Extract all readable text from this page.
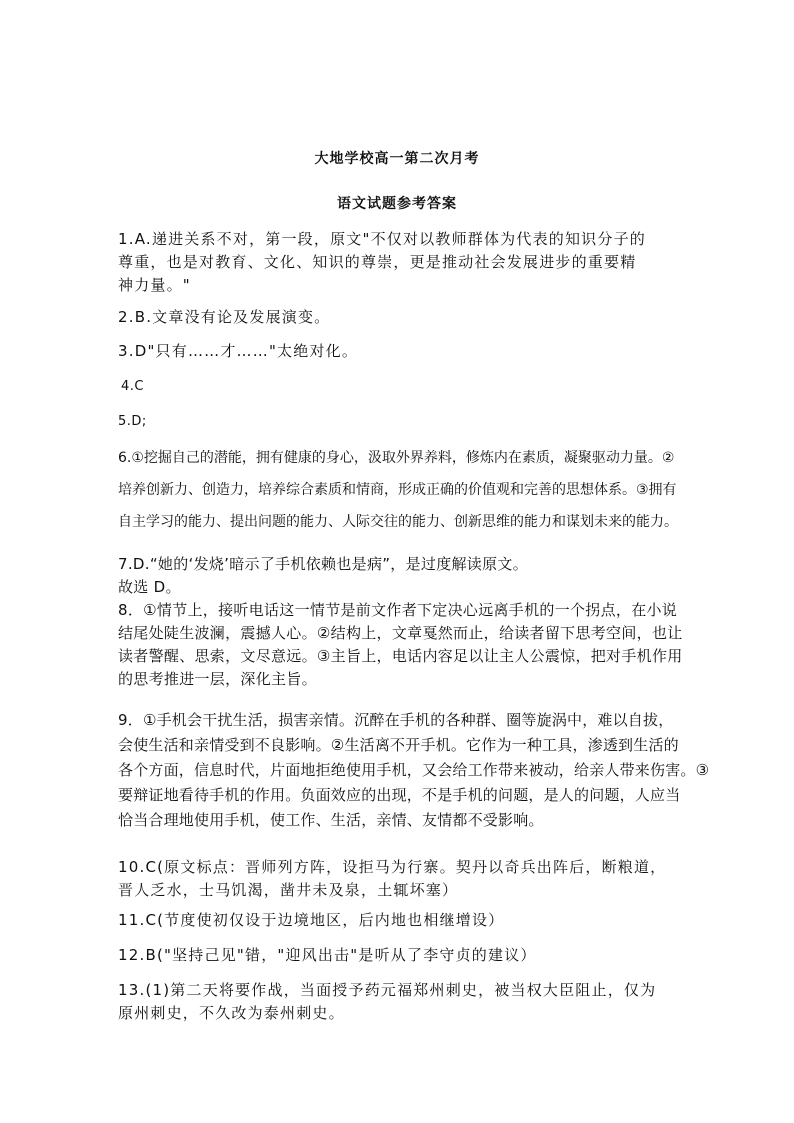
大地学校高一第二次月考
语文试题参考答案
1.A.递进关系不对，第一段，原文"不仅对以教师群体为代表的知识分子的
尊重，也是对教育、文化、知识的尊崇，更是推动社会发展进步的重要精
神力量。"
2.B.文章没有论及发展演变。
3.D"只有……才……"太绝对化。
4.C
5.D;
6.①挖掘自己的潜能，拥有健康的身心，汲取外界养料，修炼内在素质，凝聚驱动力量。②
培养创新力、创造力，培养综合素质和情商，形成正确的价值观和完善的思想体系。③拥有
自主学习的能力、提出问题的能力、人际交往的能力、创新思维的能力和谋划未来的能力。
7.D.“她的‘发烧’暗示了手机依赖也是病”，是过度解读原文。
故选 D。
8．①情节上，接听电话这一情节是前文作者下定决心远离手机的一个拐点，在小说
结尾处陡生波澜，震撼人心。②结构上，文章戛然而止，给读者留下思考空间，也让
读者警醒、思索，文尽意远。③主旨上，电话内容足以让主人公震惊，把对手机作用
的思考推进一层，深化主旨。
9．①手机会干扰生活，损害亲情。沉醉在手机的各种群、圈等旋涡中，难以自拔，
会使生活和亲情受到不良影响。②生活离不开手机。它作为一种工具，渗透到生活的
各个方面，信息时代，片面地拒绝使用手机，又会给工作带来被动，给亲人带来伤害。③
要辩证地看待手机的作用。负面效应的出现，不是手机的问题，是人的问题，人应当
恰当合理地使用手机，使工作、生活，亲情、友情都不受影响。
10.C(原文标点：晋师列方阵，设拒马为行寨。契丹以奇兵出阵后，断粮道，
晋人乏水，士马饥渴，凿井未及泉，土辄坏塞）
11.C(节度使初仅设于边境地区，后内地也相继增设）
12.B("坚持己见"错，"迎风出击"是听从了李守贞的建议）
13.(1)第二天将要作战，当面授予药元福郑州刺史，被当权大臣阻止，仅为
原州刺史，不久改为泰州刺史。
